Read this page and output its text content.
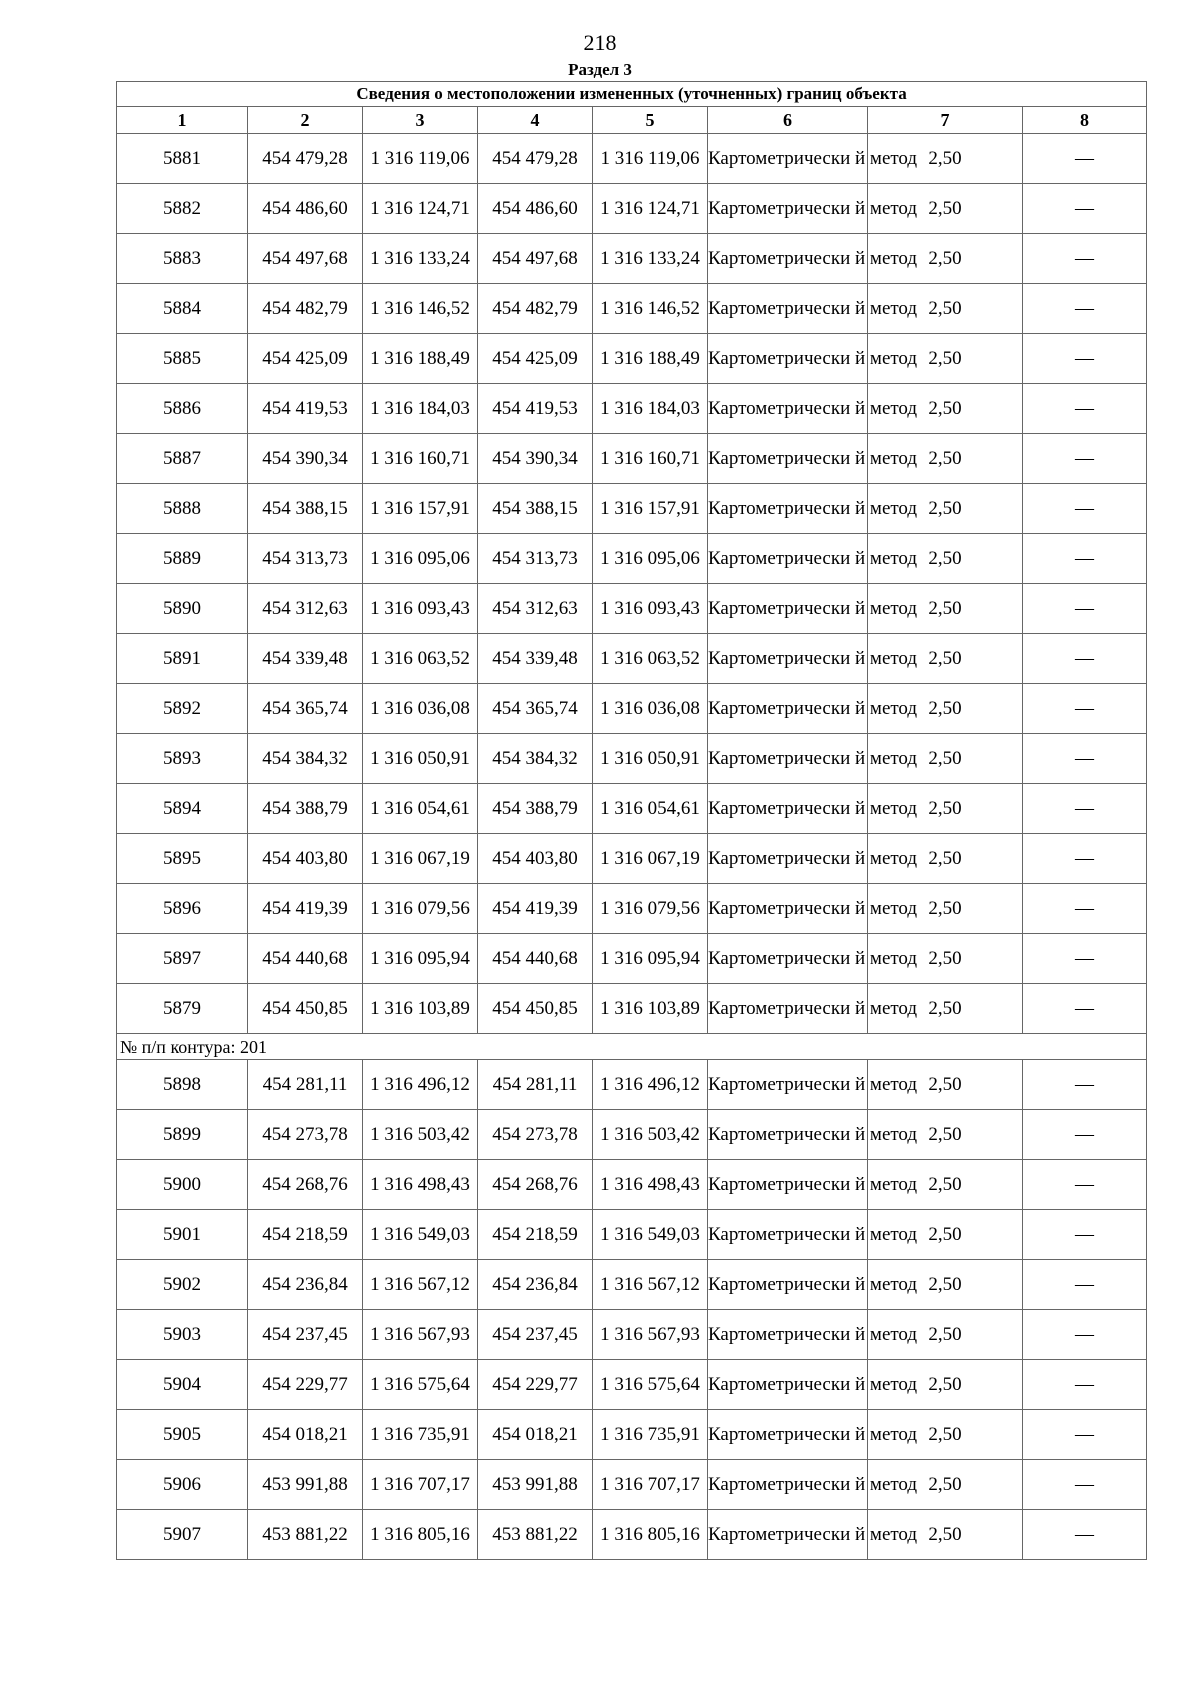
218
Раздел 3
Сведения о местоположении измененных (уточненных) границ объекта							
1	2	3	4	5	6	7	8
5881	454 479,28	1 316 119,06	454 479,28	1 316 119,06	Картометрически й метод	2,50	—
5882	454 486,60	1 316 124,71	454 486,60	1 316 124,71	Картометрически й метод	2,50	—
5883	454 497,68	1 316 133,24	454 497,68	1 316 133,24	Картометрически й метод	2,50	—
5884	454 482,79	1 316 146,52	454 482,79	1 316 146,52	Картометрически й метод	2,50	—
5885	454 425,09	1 316 188,49	454 425,09	1 316 188,49	Картометрически й метод	2,50	—
5886	454 419,53	1 316 184,03	454 419,53	1 316 184,03	Картометрически й метод	2,50	—
5887	454 390,34	1 316 160,71	454 390,34	1 316 160,71	Картометрически й метод	2,50	—
5888	454 388,15	1 316 157,91	454 388,15	1 316 157,91	Картометрически й метод	2,50	—
5889	454 313,73	1 316 095,06	454 313,73	1 316 095,06	Картометрически й метод	2,50	—
5890	454 312,63	1 316 093,43	454 312,63	1 316 093,43	Картометрически й метод	2,50	—
5891	454 339,48	1 316 063,52	454 339,48	1 316 063,52	Картометрически й метод	2,50	—
5892	454 365,74	1 316 036,08	454 365,74	1 316 036,08	Картометрически й метод	2,50	—
5893	454 384,32	1 316 050,91	454 384,32	1 316 050,91	Картометрически й метод	2,50	—
5894	454 388,79	1 316 054,61	454 388,79	1 316 054,61	Картометрически й метод	2,50	—
5895	454 403,80	1 316 067,19	454 403,80	1 316 067,19	Картометрически й метод	2,50	—
5896	454 419,39	1 316 079,56	454 419,39	1 316 079,56	Картометрически й метод	2,50	—
5897	454 440,68	1 316 095,94	454 440,68	1 316 095,94	Картометрически й метод	2,50	—
5879	454 450,85	1 316 103,89	454 450,85	1 316 103,89	Картометрически й метод	2,50	—
№ п/п контура: 201							
5898	454 281,11	1 316 496,12	454 281,11	1 316 496,12	Картометрически й метод	2,50	—
5899	454 273,78	1 316 503,42	454 273,78	1 316 503,42	Картометрически й метод	2,50	—
5900	454 268,76	1 316 498,43	454 268,76	1 316 498,43	Картометрически й метод	2,50	—
5901	454 218,59	1 316 549,03	454 218,59	1 316 549,03	Картометрически й метод	2,50	—
5902	454 236,84	1 316 567,12	454 236,84	1 316 567,12	Картометрически й метод	2,50	—
5903	454 237,45	1 316 567,93	454 237,45	1 316 567,93	Картометрически й метод	2,50	—
5904	454 229,77	1 316 575,64	454 229,77	1 316 575,64	Картометрически й метод	2,50	—
5905	454 018,21	1 316 735,91	454 018,21	1 316 735,91	Картометрически й метод	2,50	—
5906	453 991,88	1 316 707,17	453 991,88	1 316 707,17	Картометрически й метод	2,50	—
5907	453 881,22	1 316 805,16	453 881,22	1 316 805,16	Картометрически й метод	2,50	—
